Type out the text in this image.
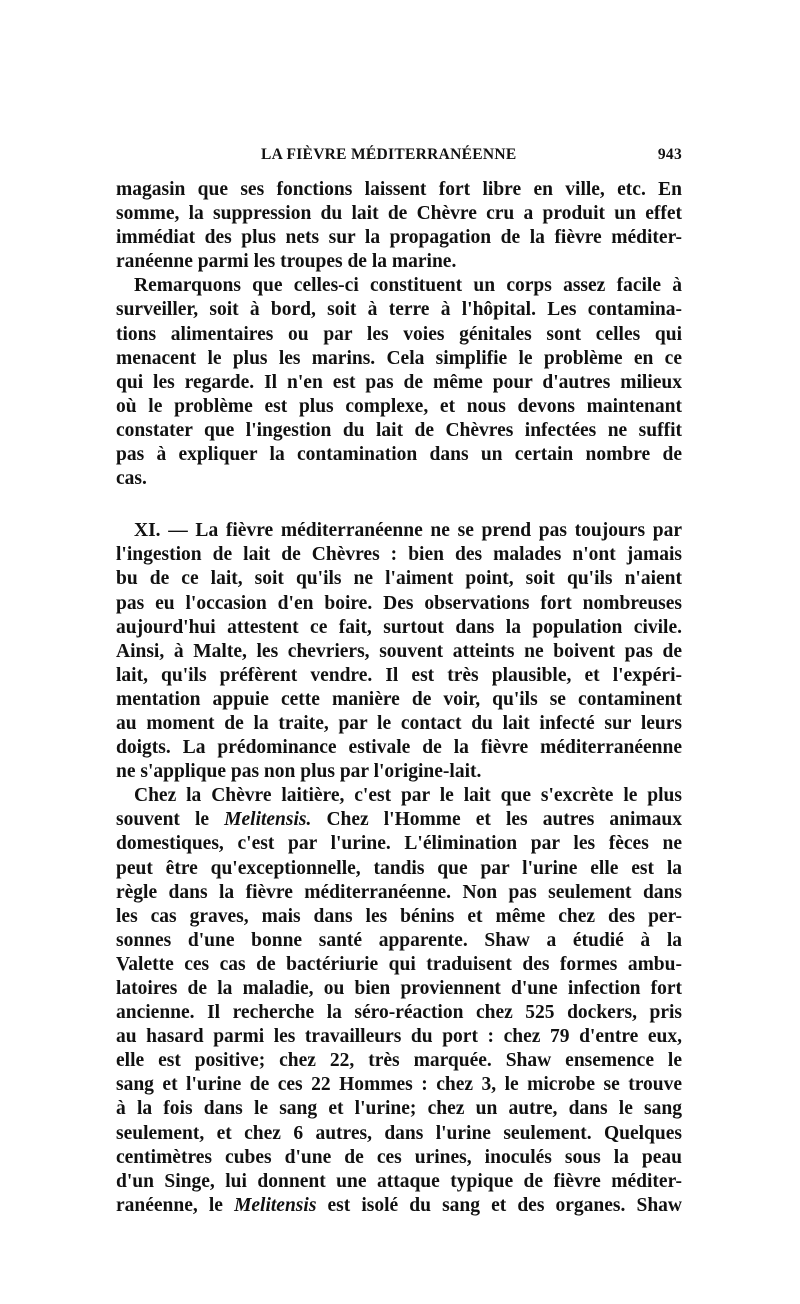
LA FIÈVRE MÉDITERRANÉENNE	943

magasin que ses fonctions laissent fort libre en ville, etc. En
somme, la suppression du lait de Chèvre cru a produit un effet
immédiat des plus nets sur la propagation de la fièvre méditer-
ranéenne parmi les troupes de la marine.

Remarquons que celles-ci constituent un corps assez facile à
surveiller, soit à bord, soit à terre à l'hôpital. Les contamina-
tions alimentaires ou par les voies génitales sont celles qui
menacent le plus les marins. Cela simplifie le problème en ce
qui les regarde. Il n'en est pas de même pour d'autres milieux
où le problème est plus complexe, et nous devons maintenant
constater que l'ingestion du lait de Chèvres infectées ne suffit
pas à expliquer la contamination dans un certain nombre de
cas.

XI. — La fièvre méditerranéenne ne se prend pas toujours par
l'ingestion de lait de Chèvres : bien des malades n'ont jamais
bu de ce lait, soit qu'ils ne l'aiment point, soit qu'ils n'aient
pas eu l'occasion d'en boire. Des observations fort nombreuses
aujourd'hui attestent ce fait, surtout dans la population civile.
Ainsi, à Malte, les chevriers, souvent atteints ne boivent pas de
lait, qu'ils préfèrent vendre. Il est très plausible, et l'expéri-
mentation appuie cette manière de voir, qu'ils se contaminent
au moment de la traite, par le contact du lait infecté sur leurs
doigts. La prédominance estivale de la fièvre méditerranéenne
ne s'applique pas non plus par l'origine-lait.

Chez la Chèvre laitière, c'est par le lait que s'excrète le plus
souvent le Melitensis. Chez l'Homme et les autres animaux
domestiques, c'est par l'urine. L'élimination par les fèces ne
peut être qu'exceptionnelle, tandis que par l'urine elle est la
règle dans la fièvre méditerranéenne. Non pas seulement dans
les cas graves, mais dans les bénins et même chez des per-
sonnes d'une bonne santé apparente. Shaw a étudié à la
Valette ces cas de bactériurie qui traduisent des formes ambu-
latoires de la maladie, ou bien proviennent d'une infection fort
ancienne. Il recherche la séro-réaction chez 525 dockers, pris
au hasard parmi les travailleurs du port : chez 79 d'entre eux,
elle est positive; chez 22, très marquée. Shaw ensemence le
sang et l'urine de ces 22 Hommes : chez 3, le microbe se trouve
à la fois dans le sang et l'urine; chez un autre, dans le sang
seulement, et chez 6 autres, dans l'urine seulement. Quelques
centimètres cubes d'une de ces urines, inoculés sous la peau
d'un Singe, lui donnent une attaque typique de fièvre méditer-
ranéenne, le Melitensis est isolé du sang et des organes. Shaw
